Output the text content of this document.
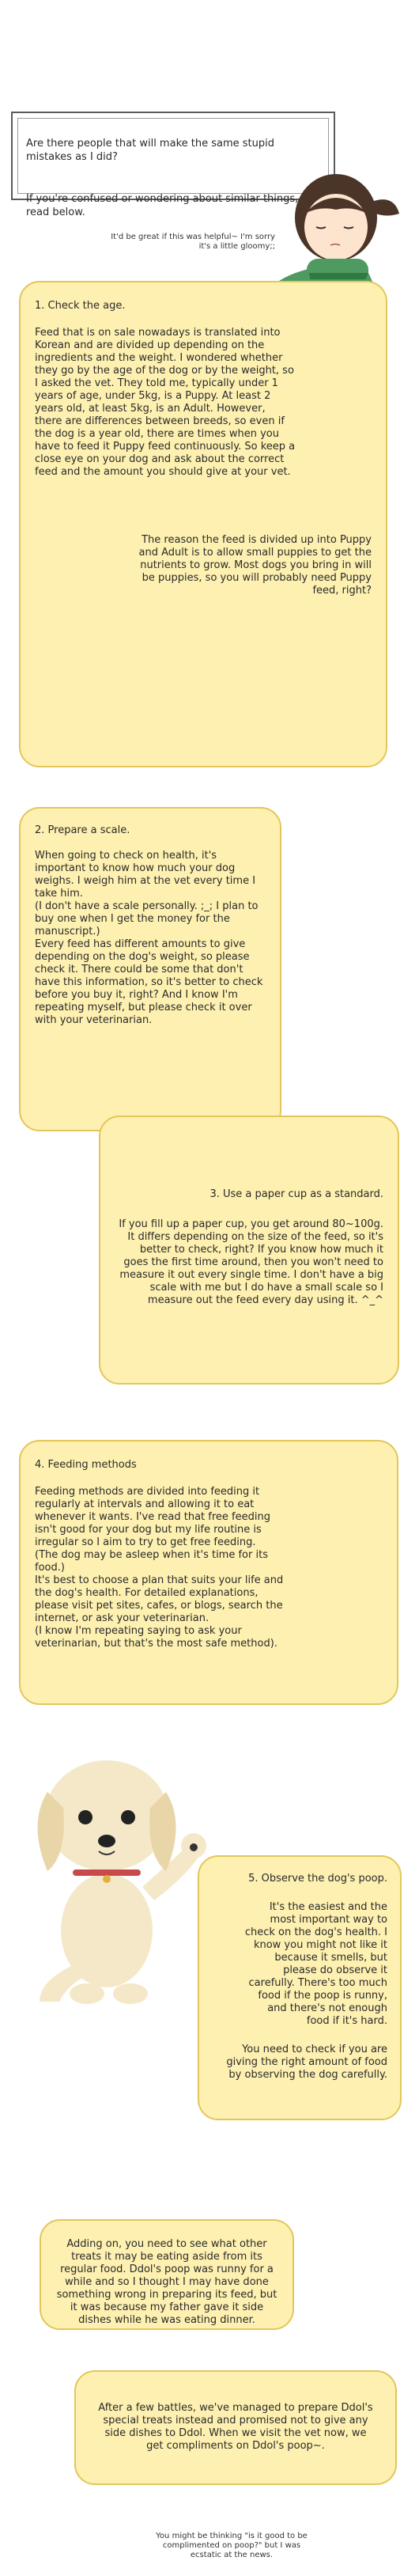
Are there people that will make the same stupid mistakes as I did?

If you're confused or wondering about similar things, read below.

It'd be great if this was helpful~ I'm sorry it's a little gloomy;;

1. Check the age.

Feed that is on sale nowadays is translated into Korean and are divided up depending on the ingredients and the weight. I wondered whether they go by the age of the dog or by the weight, so I asked the vet. They told me, typically under 1 years of age, under 5kg, is a Puppy. At least 2 years old, at least 5kg, is an Adult. However, there are differences between breeds, so even if the dog is a year old, there are times when you have to feed it Puppy feed continuously. So keep a close eye on your dog and ask about the correct feed and the amount you should give at your vet.

The reason the feed is divided up into Puppy and Adult is to allow small puppies to get the nutrients to grow. Most dogs you bring in will be puppies, so you will probably need Puppy feed, right?

2. Prepare a scale.

When going to check on health, it's important to know how much your dog weighs. I weigh him at the vet every time I take him.

(I don't have a scale personally. ;_; I plan to buy one when I get the money for the manuscript.)

Every feed has different amounts to give depending on the dog's weight, so please check it. There could be some that don't have this information, so it's better to check before you buy it, right? And I know I'm repeating myself, but please check it over with your veterinarian.

3. Use a paper cup as a standard.

If you fill up a paper cup, you get around 80~100g. It differs depending on the size of the feed, so it's better to check, right? If you know how much it goes the first time around, then you won't need to measure it out every single time. I don't have a big scale with me but I do have a small scale so I measure out the feed every day using it. ^_^

4. Feeding methods

Feeding methods are divided into feeding it regularly at intervals and allowing it to eat whenever it wants. I've read that free feeding isn't good for your dog but my life routine is irregular so I aim to try to get free feeding.

(The dog may be asleep when it's time for its food.)

It's best to choose a plan that suits your life and the dog's health. For detailed explanations, please visit pet sites, cafes, or blogs, search the internet, or ask your veterinarian.

(I know I'm repeating saying to ask your veterinarian, but that's the most safe method).

5. Observe the dog's poop.

It's the easiest and the most important way to check on the dog's health. I know you might not like it because it smells, but please do observe it carefully. There's too much food if the poop is runny, and there's not enough food if it's hard.

You need to check if you are giving the right amount of food by observing the dog carefully.

Adding on, you need to see what other treats it may be eating aside from its regular food. Ddol's poop was runny for a while and so I thought I may have done something wrong in preparing its feed, but it was because my father gave it side dishes while he was eating dinner.

After a few battles, we've managed to prepare Ddol's special treats instead and promised not to give any side dishes to Ddol. When we visit the vet now, we get compliments on Ddol's poop~.

You might be thinking "is it good to be complimented on poop?" but I was ecstatic at the news.
